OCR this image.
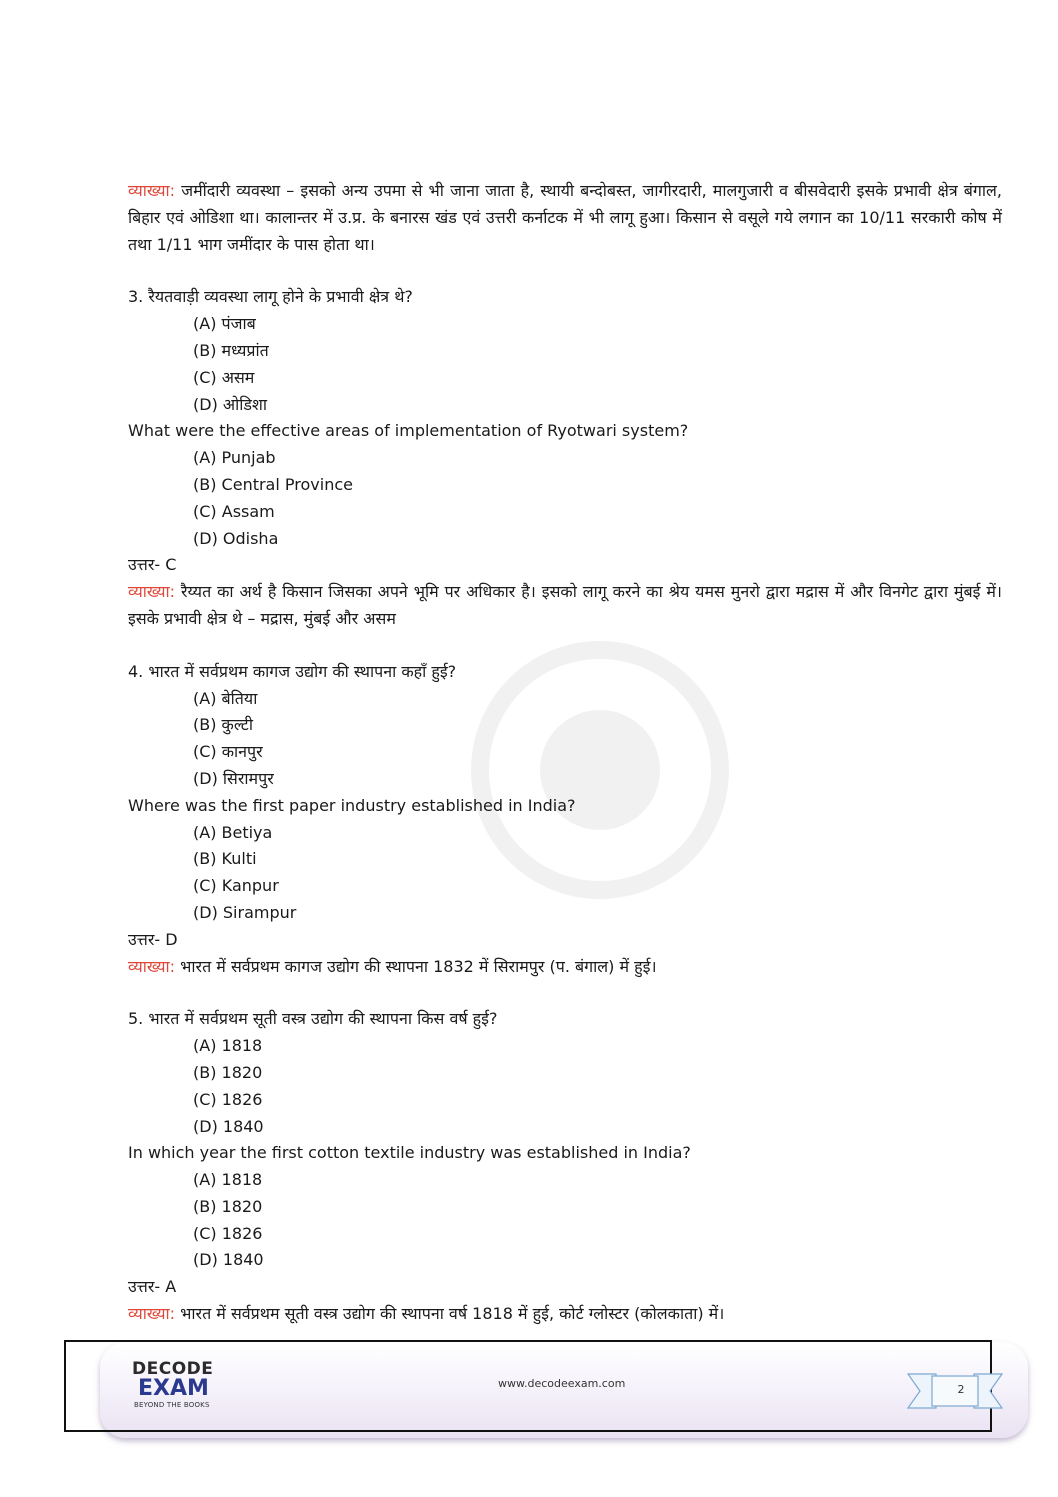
व्याख्या: जमींदारी व्यवस्था – इसको अन्य उपमा से भी जाना जाता है, स्थायी बन्दोबस्त, जागीरदारी, मालगुजारी व बीसवेदारी इसके प्रभावी क्षेत्र बंगाल, बिहार एवं ओडिशा था। कालान्तर में उ.प्र. के बनारस खंड एवं उत्तरी कर्नाटक में भी लागू हुआ। किसान से वसूले गये लगान का 10/11 सरकारी कोष में तथा 1/11 भाग जमींदार के पास होता था।

3. रैयतवाड़ी व्यवस्था लागू होने के प्रभावी क्षेत्र थे?

(A) पंजाब

(B) मध्यप्रांत

(C) असम

(D) ओडिशा

What were the effective areas of implementation of Ryotwari system?

(A) Punjab

(B) Central Province

(C) Assam

(D) Odisha

उत्तर- C

व्याख्या: रैय्यत का अर्थ है किसान जिसका अपने भूमि पर अधिकार है। इसको लागू करने का श्रेय यमस मुनरो द्वारा मद्रास में और विनगेट द्वारा मुंबई में। इसके प्रभावी क्षेत्र थे – मद्रास, मुंबई और असम

4. भारत में सर्वप्रथम कागज उद्योग की स्थापना कहाँ हुई?

(A) बेतिया

(B) कुल्टी

(C) कानपुर

(D) सिरामपुर

Where was the first paper industry established in India?

(A) Betiya

(B) Kulti

(C) Kanpur

(D) Sirampur

उत्तर- D

व्याख्या: भारत में सर्वप्रथम कागज उद्योग की स्थापना 1832 में सिरामपुर (प. बंगाल) में हुई।

5. भारत में सर्वप्रथम सूती वस्त्र उद्योग की स्थापना किस वर्ष हुई?

(A) 1818

(B) 1820

(C) 1826

(D) 1840

In which year the first cotton textile industry was established in India?

(A) 1818

(B) 1820

(C) 1826

(D) 1840

उत्तर- A

व्याख्या: भारत में सर्वप्रथम सूती वस्त्र उद्योग की स्थापना वर्ष 1818 में हुई, कोर्ट ग्लोस्टर (कोलकाता) में।

DECODE

EXAM

BEYOND THE BOOKS

www.decodeexam.com	2
